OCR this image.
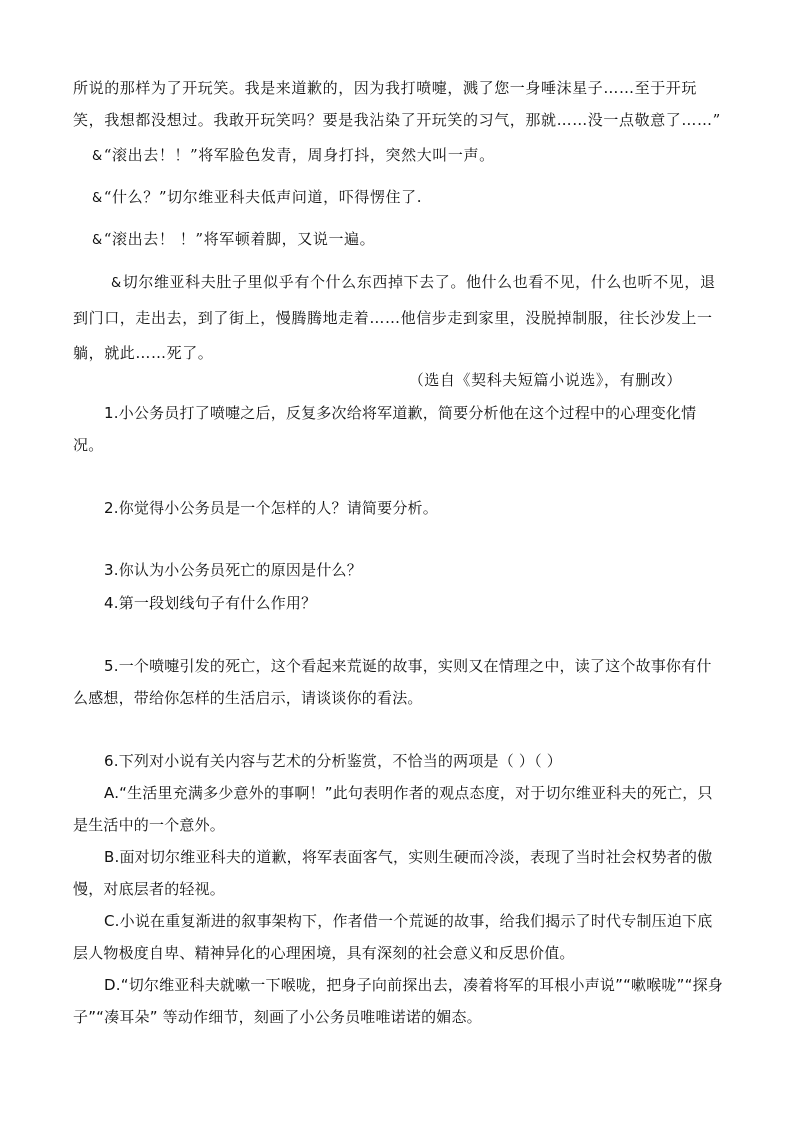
所说的那样为了开玩笑。我是来道歉的，因为我打喷嚏，溅了您一身唾沫星子……至于开玩笑，我想都没想过。我敢开玩笑吗？要是我沾染了开玩笑的习气，那就……没一点敬意了……”

&“滚出去！！”将军脸色发青，周身打抖，突然大叫一声。

&“什么？”切尔维亚科夫低声问道，吓得愣住了.

&“滚出去！ ！”将军顿着脚，又说一遍。

&切尔维亚科夫肚子里似乎有个什么东西掉下去了。他什么也看不见，什么也听不见，退到门口，走出去，到了街上，慢腾腾地走着……他信步走到家里，没脱掉制服，往长沙发上一躺，就此……死了。

（选自《契科夫短篇小说选》，有删改）

1.小公务员打了喷嚏之后，反复多次给将军道歉，简要分析他在这个过程中的心理变化情况。

2.你觉得小公务员是一个怎样的人？请简要分析。

3.你认为小公务员死亡的原因是什么？

4.第一段划线句子有什么作用？

5.一个喷嚏引发的死亡，这个看起来荒诞的故事，实则又在情理之中，读了这个故事你有什么感想，带给你怎样的生活启示，请谈谈你的看法。

6.下列对小说有关内容与艺术的分析鉴赏，不恰当的两项是（ ）（ ）

A.“生活里充满多少意外的事啊！”此句表明作者的观点态度，对于切尔维亚科夫的死亡，只是生活中的一个意外。

B.面对切尔维亚科夫的道歉，将军表面客气，实则生硬而冷淡，表现了当时社会权势者的傲慢，对底层者的轻视。

C.小说在重复渐进的叙事架构下，作者借一个荒诞的故事，给我们揭示了时代专制压迫下底层人物极度自卑、精神异化的心理困境，具有深刻的社会意义和反思价值。

D.“切尔维亚科夫就嗽一下喉咙，把身子向前探出去，凑着将军的耳根小声说”“嗽喉咙”“探身子”“凑耳朵” 等动作细节，刻画了小公务员唯唯诺诺的媚态。
